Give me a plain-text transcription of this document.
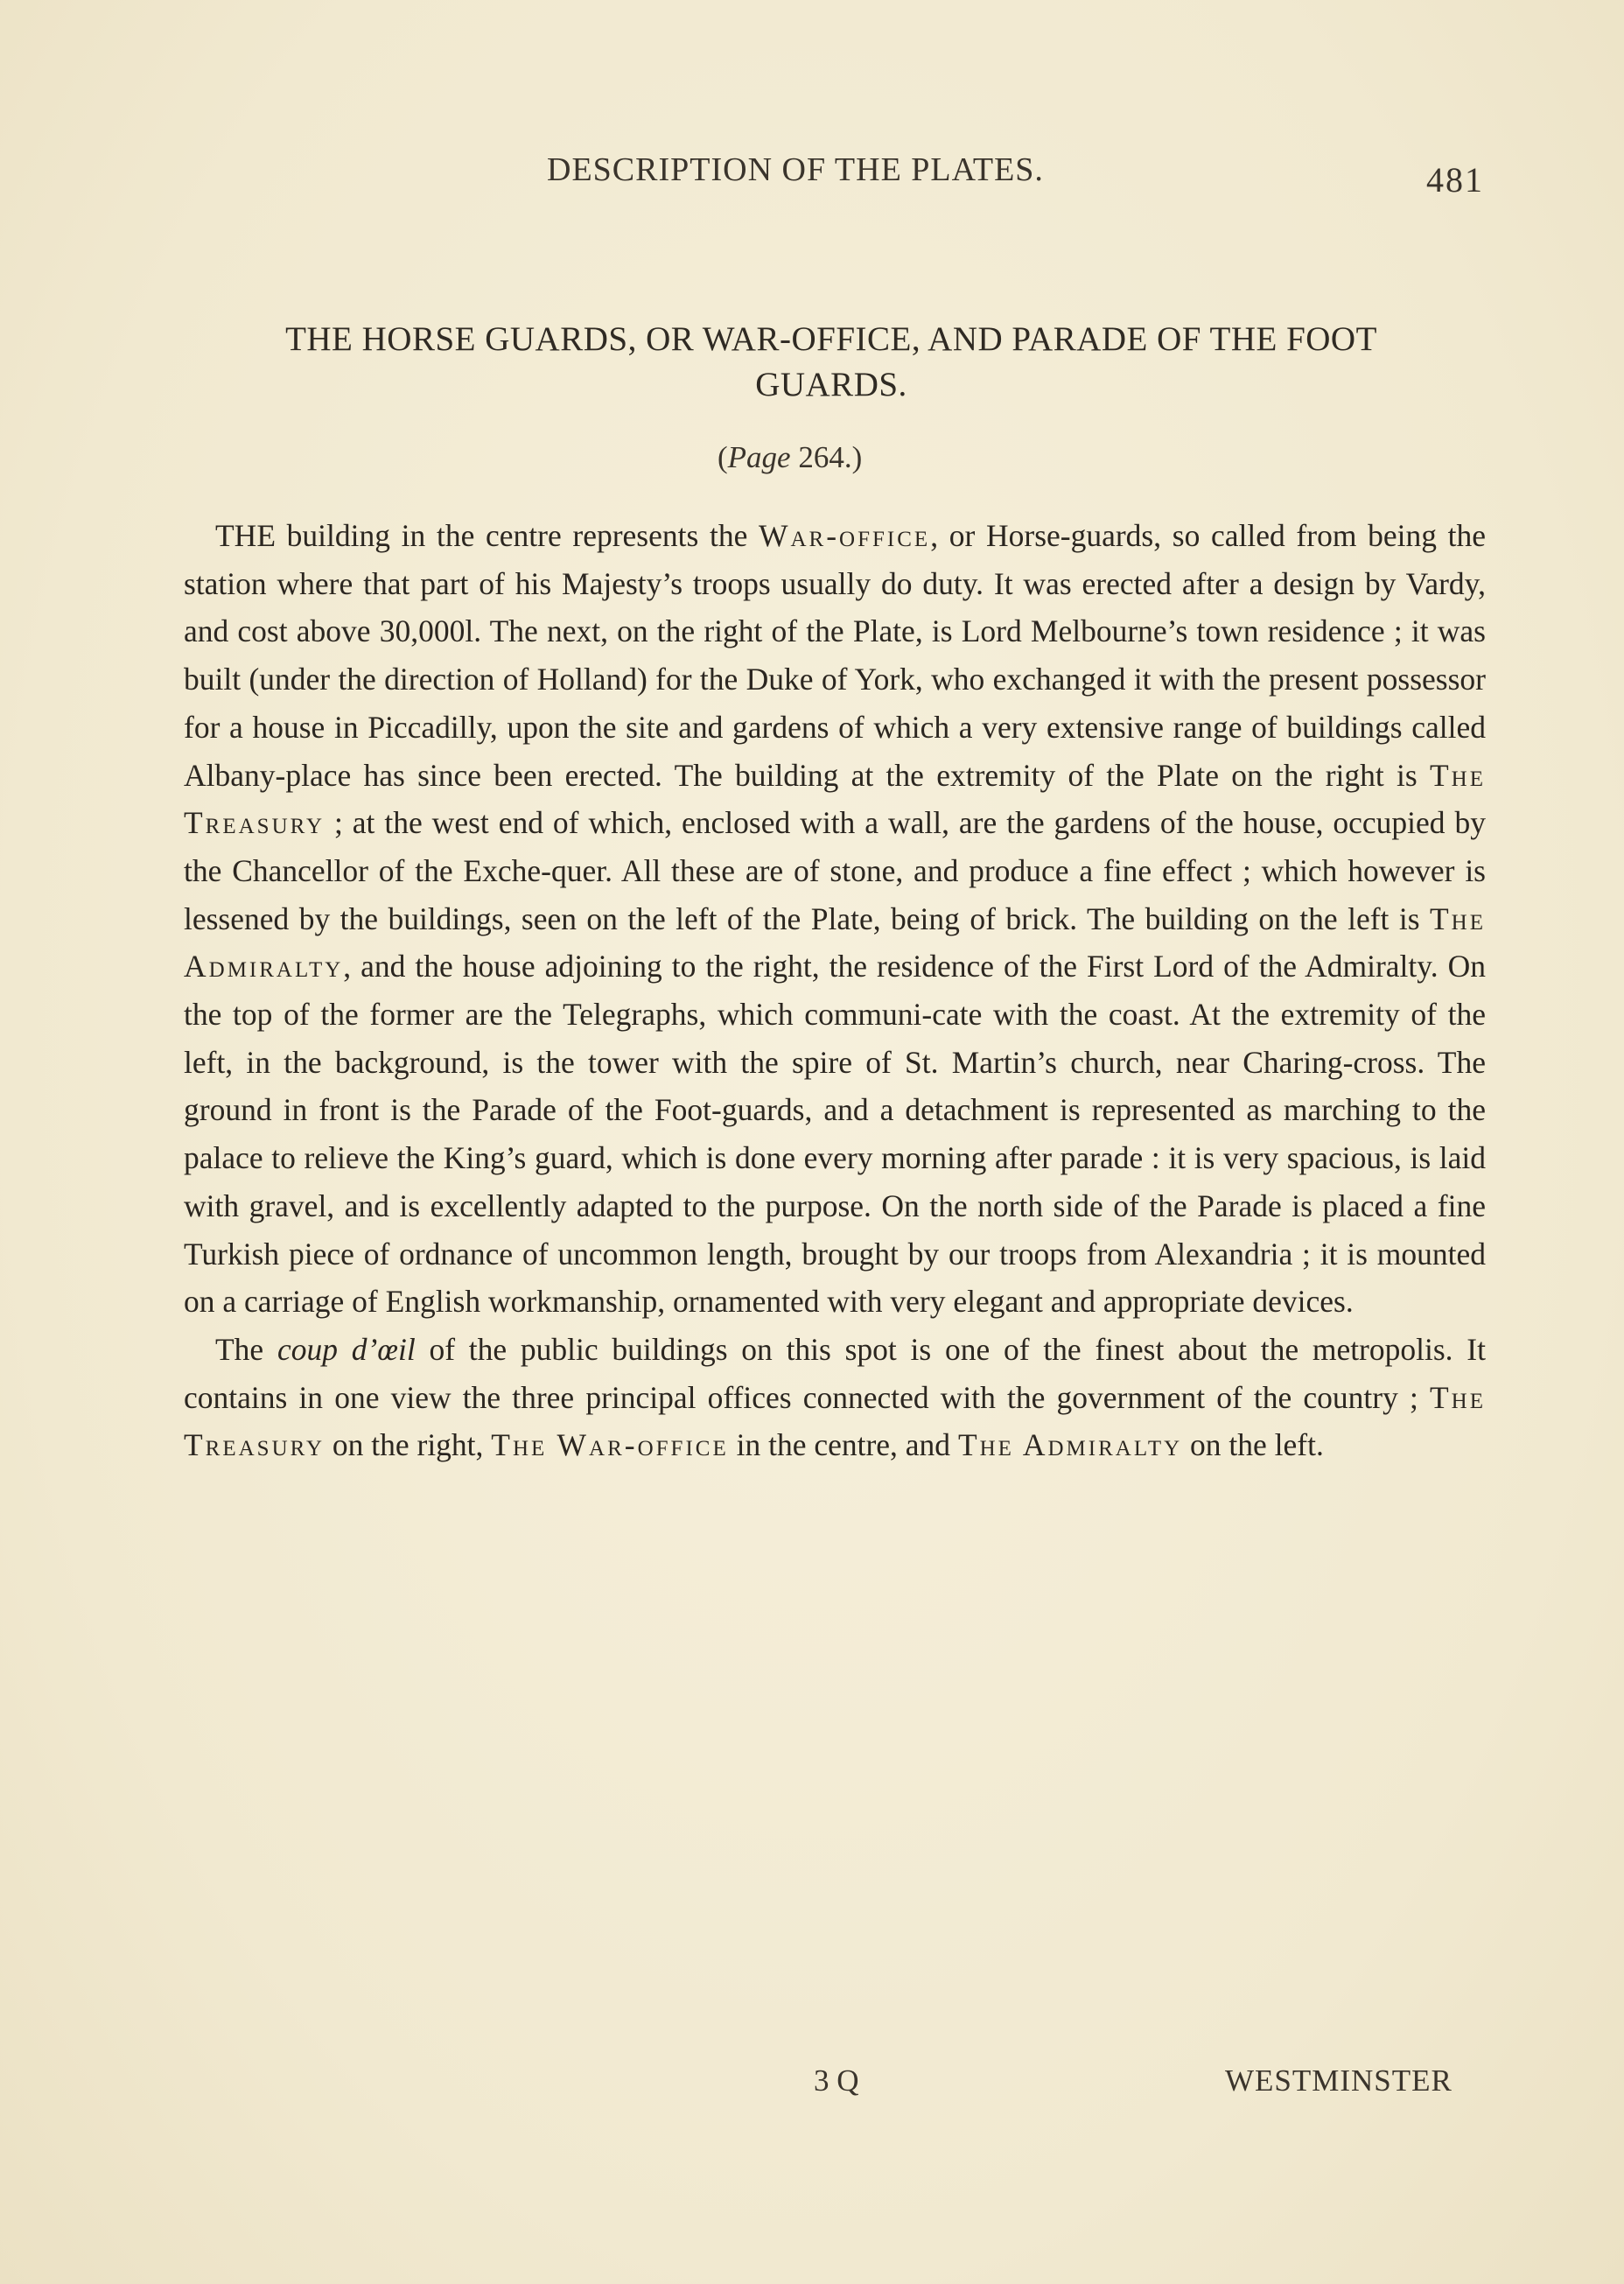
DESCRIPTION OF THE PLATES.	481
THE HORSE GUARDS, OR WAR-OFFICE, AND PARADE OF THE FOOT
GUARDS.
(Page 264.)

THE building in the centre represents the War-office, or Horse-guards, so called from being the station where that part of his Majesty’s troops usually do duty. It was erected after a design by Vardy, and cost above 30,000l. The next, on the right of the Plate, is Lord Melbourne’s town residence ; it was built (under the direction of Holland) for the Duke of York, who exchanged it with the present possessor for a house in Piccadilly, upon the site and gardens of which a very extensive range of buildings called Albany-place has since been erected. The building at the extremity of the Plate on the right is The Treasury ; at the west end of which, enclosed with a wall, are the gardens of the house, occupied by the Chancellor of the Exche-quer. All these are of stone, and produce a fine effect ; which however is lessened by the buildings, seen on the left of the Plate, being of brick. The building on the left is The Admiralty, and the house adjoining to the right, the residence of the First Lord of the Admiralty. On the top of the former are the Telegraphs, which communi-cate with the coast. At the extremity of the left, in the background, is the tower with the spire of St. Martin’s church, near Charing-cross. The ground in front is the Parade of the Foot-guards, and a detachment is represented as marching to the palace to relieve the King’s guard, which is done every morning after parade : it is very spacious, is laid with gravel, and is excellently adapted to the purpose. On the north side of the Parade is placed a fine Turkish piece of ordnance of uncommon length, brought by our troops from Alexandria ; it is mounted on a carriage of English workmanship, ornamented with very elegant and appropriate devices.

The coup d’œil of the public buildings on this spot is one of the finest about the metropolis. It contains in one view the three principal offices connected with the government of the country ; The Treasury on the right, The War-office in the centre, and The Admiralty on the left.

3 Q	WESTMINSTER
